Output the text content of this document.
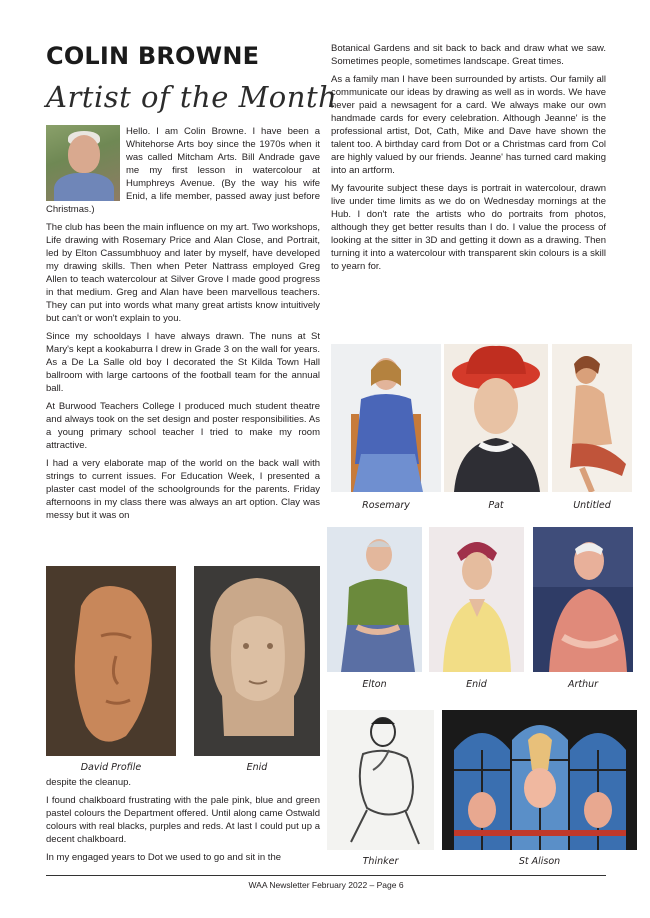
COLIN BROWNE
Artist of the Month

Hello. I am Colin Browne. I have been a Whitehorse Arts boy since the 1970s when it was called Mitcham Arts. Bill Andrade gave me my first lesson in watercolour at Humphreys Avenue. (By the way his wife Enid, a life member, passed away just before Christmas.)

The club has been the main influence on my art. Two workshops, Life drawing with Rosemary Price and Alan Close, and Portrait, led by Elton Cassumbhuoy and later by myself, have developed my drawing skills. Then when Peter Nattrass employed Greg Allen to teach watercolour at Silver Grove I made good progress in that medium. Greg and Alan have been marvellous teachers. They can put into words what many great artists know intuitively but can't or won't explain to you.

Since my schooldays I have always drawn. The nuns at St Mary's kept a kookaburra I drew in Grade 3 on the wall for years. As a De La Salle old boy I decorated the St Kilda Town Hall ballroom with large cartoons of the football team for the annual ball.

At Burwood Teachers College I produced much student theatre and always took on the set design and poster responsibilities. As a young primary school teacher I tried to make my room attractive.

I had a very elaborate map of the world on the back wall with strings to current issues. For Education Week, I presented a plaster cast model of the schoolgrounds for the parents. Friday afternoons in my class there was always an art option. Clay was messy but it was on

David Profile	Enid

despite the cleanup.

I found chalkboard frustrating with the pale pink, blue and green pastel colours the Department offered. Until along came Ostwald colours with real blacks, purples and reds. At last I could put up a decent chalkboard.

In my engaged years to Dot we used to go and sit in the

Botanical Gardens and sit back to back and draw what we saw. Sometimes people, sometimes landscape. Great times.

As a family man I have been surrounded by artists. Our family all communicate our ideas by drawing as well as in words. We have never paid a newsagent for a card. We always make our own handmade cards for every celebration. Although Jeanne' is the professional artist, Dot, Cath, Mike and Dave have shown the talent too. A birthday card from Dot or a Christmas card from Col are highly valued by our friends. Jeanne' has turned card making into an artform.

My favourite subject these days is portrait in watercolour, drawn live under time limits as we do on Wednesday mornings at the Hub. I don't rate the artists who do portraits from photos, although they get better results than I do. I value the process of looking at the sitter in 3D and getting it down as a drawing. Then turning it into a watercolour with transparent skin colours is a skill to yearn for.

Rosemary	Pat	Untitled
Elton	Enid	Arthur
Thinker	St Alison
WAA Newsletter February 2022 – Page 6
